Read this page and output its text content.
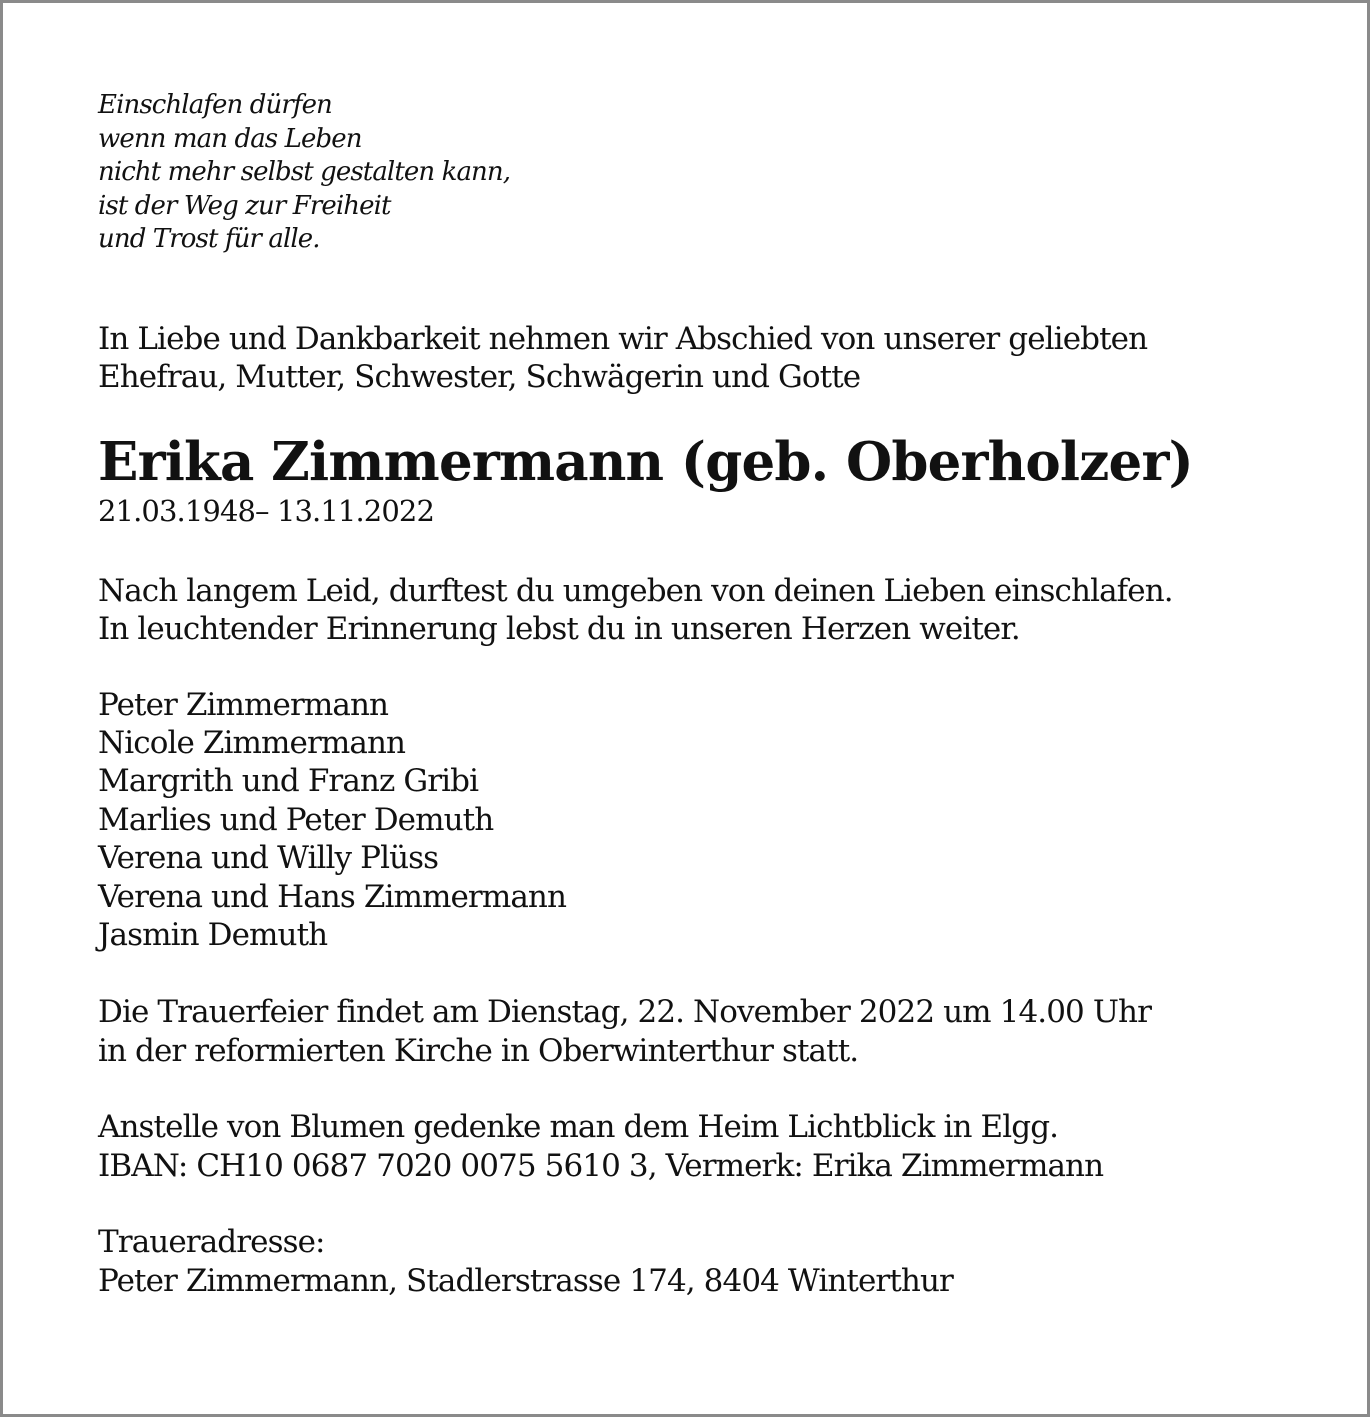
Einschlafen dürfen
wenn man das Leben
nicht mehr selbst gestalten kann,
ist der Weg zur Freiheit
und Trost für alle.
In Liebe und Dankbarkeit nehmen wir Abschied von unserer geliebten
Ehefrau, Mutter, Schwester, Schwägerin und Gotte
Erika Zimmermann (geb. Oberholzer)
21.03.1948– 13.11.2022
Nach langem Leid, durftest du umgeben von deinen Lieben einschlafen.
In leuchtender Erinnerung lebst du in unseren Herzen weiter.
Peter Zimmermann
Nicole Zimmermann
Margrith und Franz Gribi
Marlies und Peter Demuth
Verena und Willy Plüss
Verena und Hans Zimmermann
Jasmin Demuth
Die Trauerfeier findet am Dienstag, 22. November 2022 um 14.00 Uhr
in der reformierten Kirche in Oberwinterthur statt.
Anstelle von Blumen gedenke man dem Heim Lichtblick in Elgg.
IBAN: CH10 0687 7020 0075 5610 3, Vermerk: Erika Zimmermann
Traueradresse:
Peter Zimmermann, Stadlerstrasse 174, 8404 Winterthur
